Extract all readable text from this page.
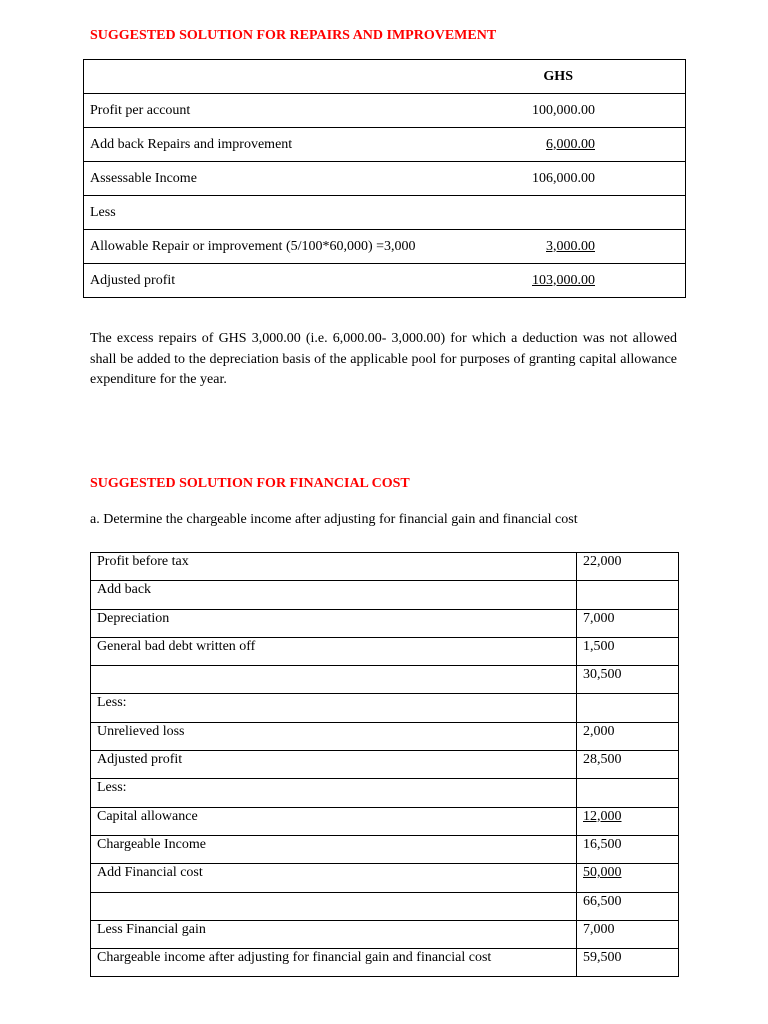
SUGGESTED SOLUTION FOR REPAIRS AND IMPROVEMENT
GHS	
Profit per account	100,000.00
Add back Repairs and improvement	6,000.00
Assessable Income	106,000.00
Less	
Allowable Repair or improvement (5/100*60,000) =3,000	3,000.00
Adjusted profit	103,000.00
The excess repairs of GHS 3,000.00 (i.e. 6,000.00- 3,000.00) for which a deduction was not allowed shall be added to the depreciation basis of the applicable pool for purposes of granting capital allowance expenditure for the year.
SUGGESTED SOLUTION FOR FINANCIAL COST
a. Determine the chargeable income after adjusting for financial gain and financial cost
Profit before tax	22,000
Add back	
Depreciation	7,000
General bad debt written off	1,500
	30,500
Less:	
Unrelieved loss	2,000
Adjusted profit	28,500
Less:	
Capital allowance	12,000
Chargeable Income	16,500
Add Financial cost	50,000
	66,500
Less Financial gain	7,000
Chargeable income after adjusting for financial gain and financial cost	59,500
